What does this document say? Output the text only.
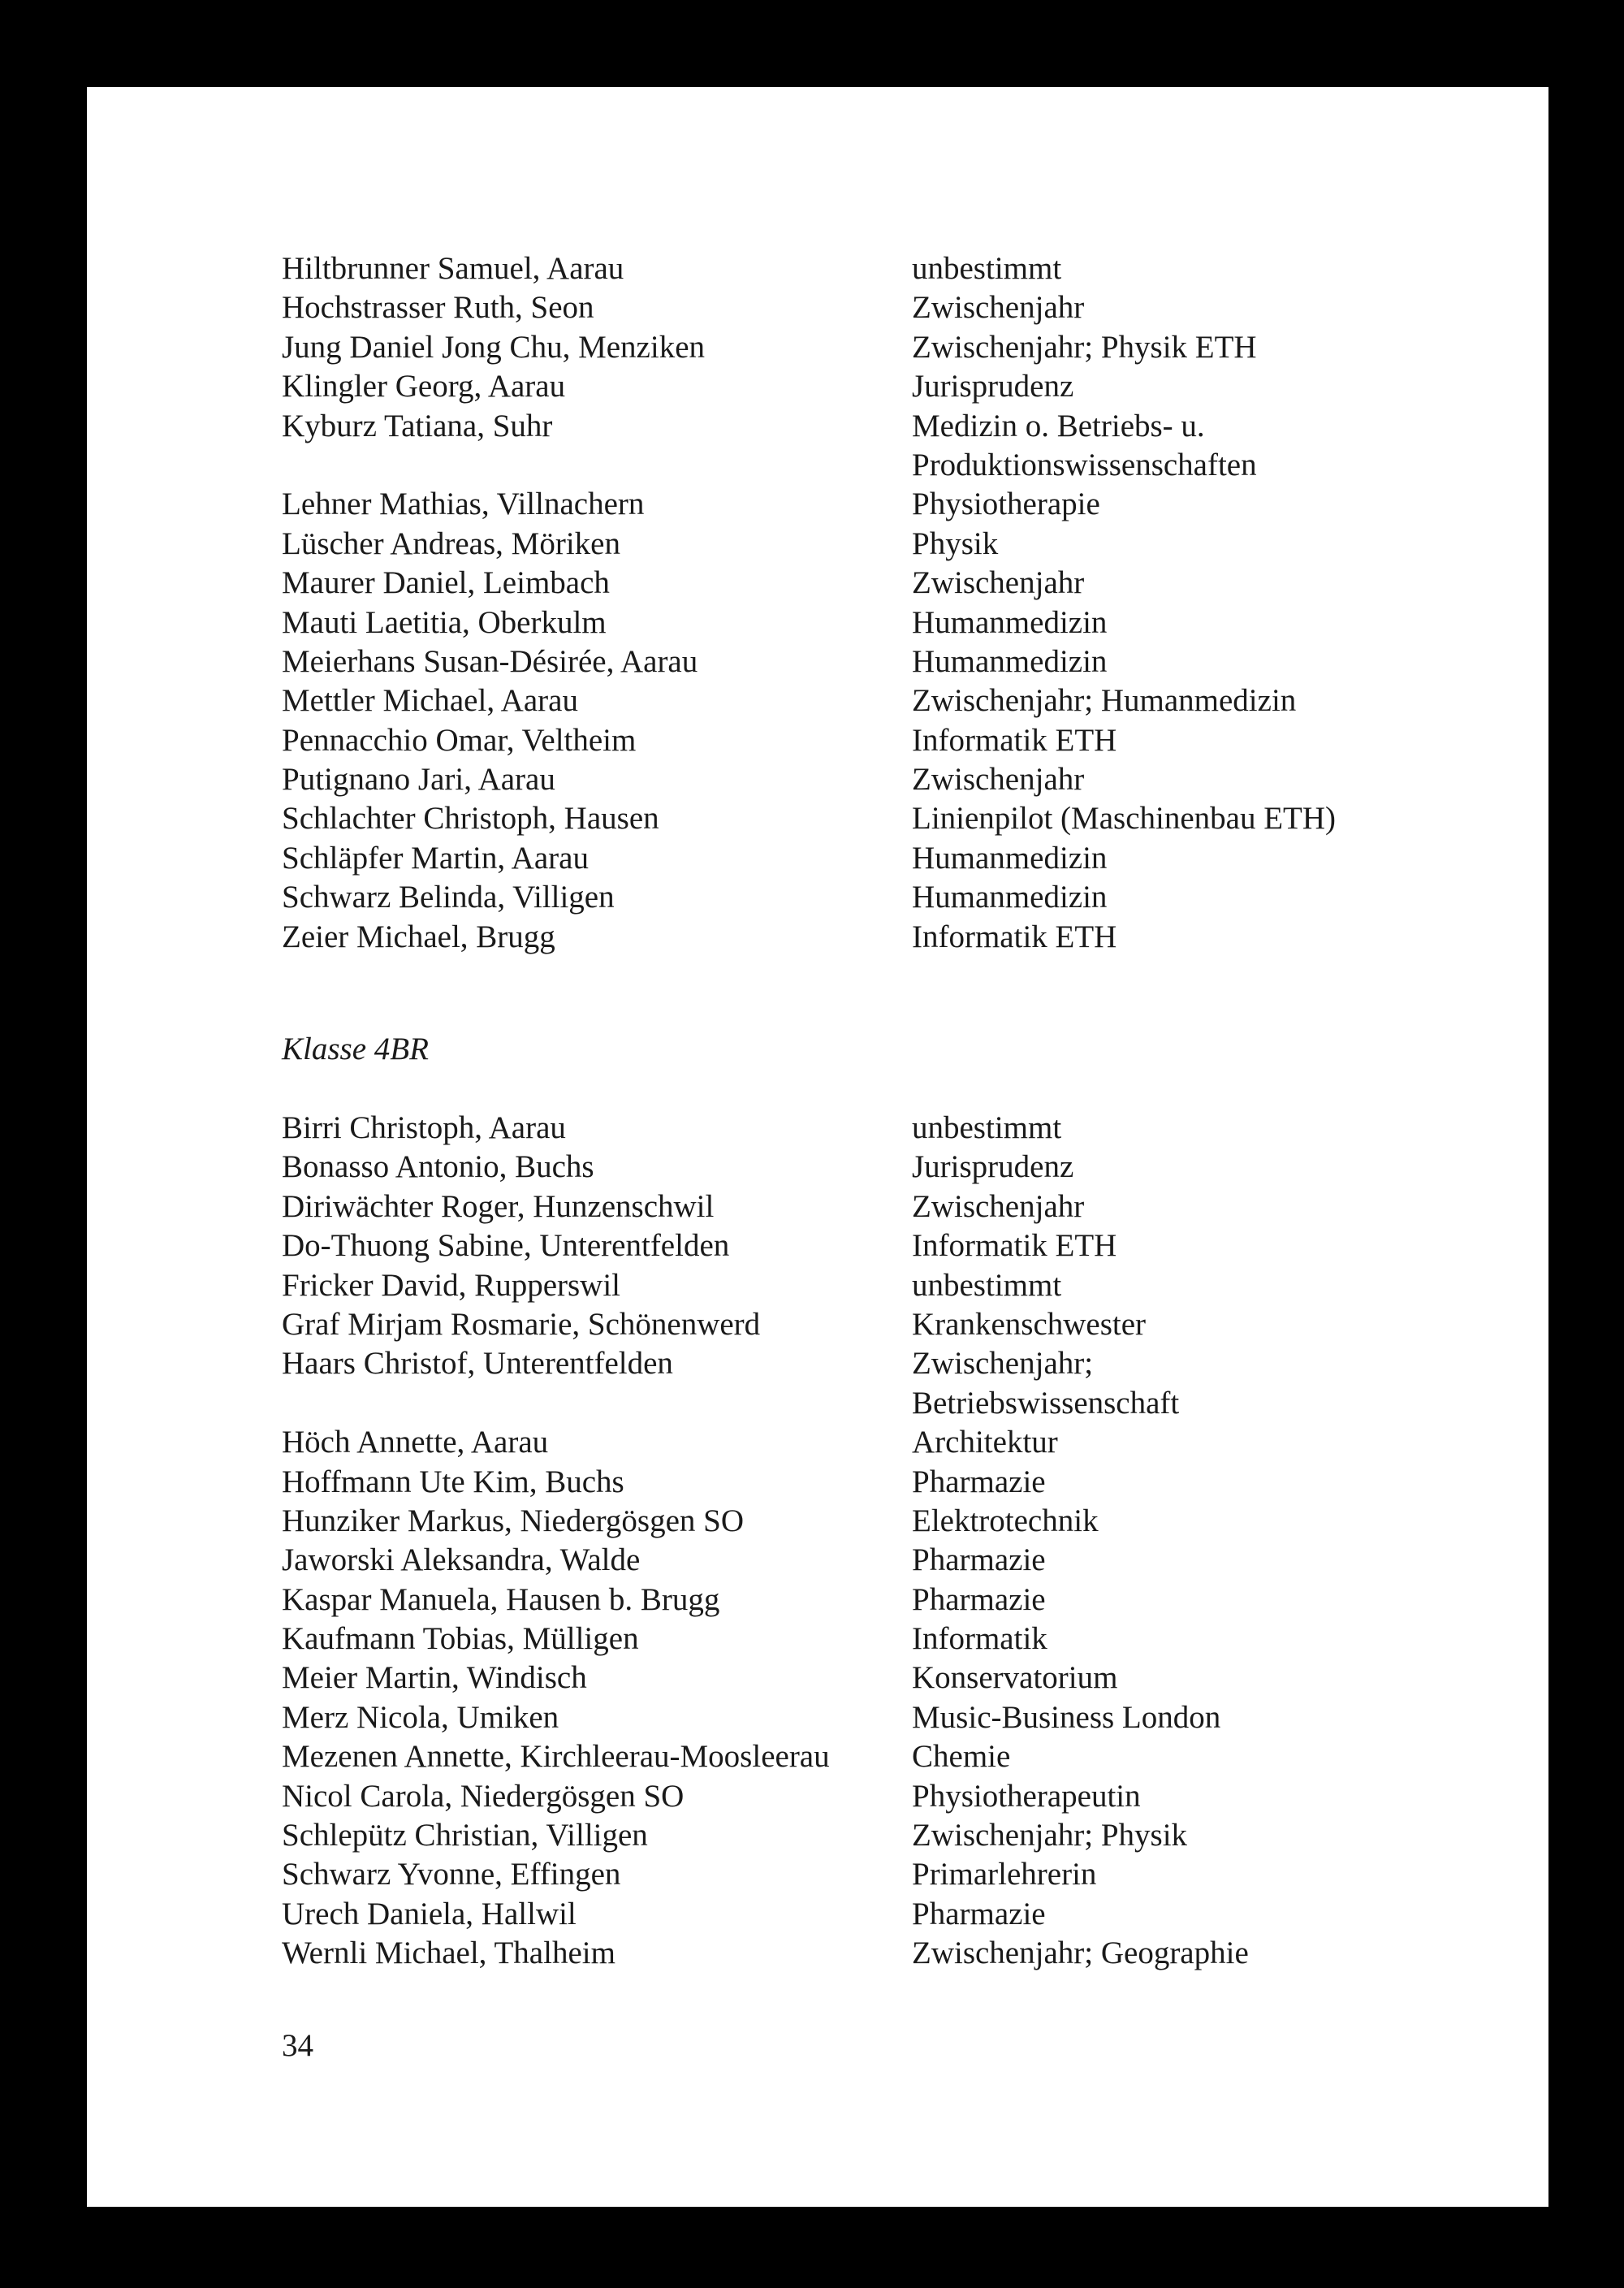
Hiltbrunner Samuel, Aarau	unbestimmt
Hochstrasser Ruth, Seon	Zwischenjahr
Jung Daniel Jong Chu, Menziken	Zwischenjahr; Physik ETH
Klingler Georg, Aarau	Jurisprudenz
Kyburz Tatiana, Suhr	Medizin o. Betriebs- u.
Produktionswissenschaften
Lehner Mathias, Villnachern	Physiotherapie
Lüscher Andreas, Möriken	Physik
Maurer Daniel, Leimbach	Zwischenjahr
Mauti Laetitia, Oberkulm	Humanmedizin
Meierhans Susan-Désirée, Aarau	Humanmedizin
Mettler Michael, Aarau	Zwischenjahr; Humanmedizin
Pennacchio Omar, Veltheim	Informatik ETH
Putignano Jari, Aarau	Zwischenjahr
Schlachter Christoph, Hausen	Linienpilot (Maschinenbau ETH)
Schläpfer Martin, Aarau	Humanmedizin
Schwarz Belinda, Villigen	Humanmedizin
Zeier Michael, Brugg	Informatik ETH
Klasse 4BR
Birri Christoph, Aarau	unbestimmt
Bonasso Antonio, Buchs	Jurisprudenz
Diriwächter Roger, Hunzenschwil	Zwischenjahr
Do-Thuong Sabine, Unterentfelden	Informatik ETH
Fricker David, Rupperswil	unbestimmt
Graf Mirjam Rosmarie, Schönenwerd	Krankenschwester
Haars Christof, Unterentfelden	Zwischenjahr;
Betriebswissenschaft
Höch Annette, Aarau	Architektur
Hoffmann Ute Kim, Buchs	Pharmazie
Hunziker Markus, Niedergösgen SO	Elektrotechnik
Jaworski Aleksandra, Walde	Pharmazie
Kaspar Manuela, Hausen b. Brugg	Pharmazie
Kaufmann Tobias, Mülligen	Informatik
Meier Martin, Windisch	Konservatorium
Merz Nicola, Umiken	Music-Business London
Mezenen Annette, Kirchleerau-Moosleerau	Chemie
Nicol Carola, Niedergösgen SO	Physiotherapeutin
Schlepütz Christian, Villigen	Zwischenjahr; Physik
Schwarz Yvonne, Effingen	Primarlehrerin
Urech Daniela, Hallwil	Pharmazie
Wernli Michael, Thalheim	Zwischenjahr; Geographie
34
